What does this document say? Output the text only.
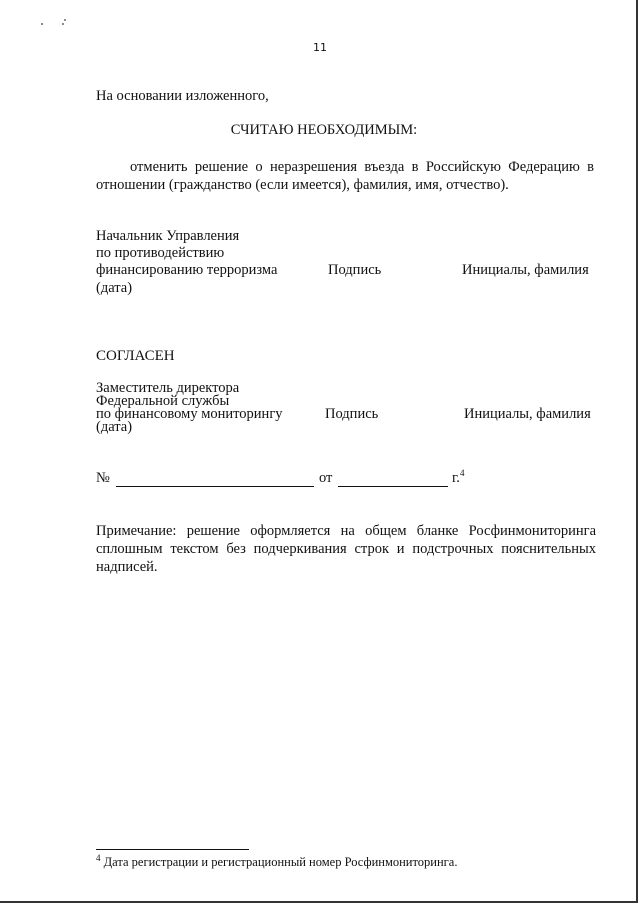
11
На основании изложенного,
СЧИТАЮ НЕОБХОДИМЫМ:
отменить решение о неразрешения въезда в Российскую Федерацию в отношении (гражданство (если имеется), фамилия, имя, отчество).
Начальник Управления
по противодействию
финансированию терроризма
(дата)
Подпись	Инициалы, фамилия
СОГЛАСЕН
Заместитель директора
Федеральной службы
по финансовому мониторингу
(дата)
Подпись	Инициалы, фамилия
№	от	г.$^4$
Примечание: решение оформляется на общем бланке Росфинмониторинга сплошным текстом без подчеркивания строк и подстрочных пояснительных надписей.
$^4$ Дата регистрации и регистрационный номер Росфинмониторинга.
